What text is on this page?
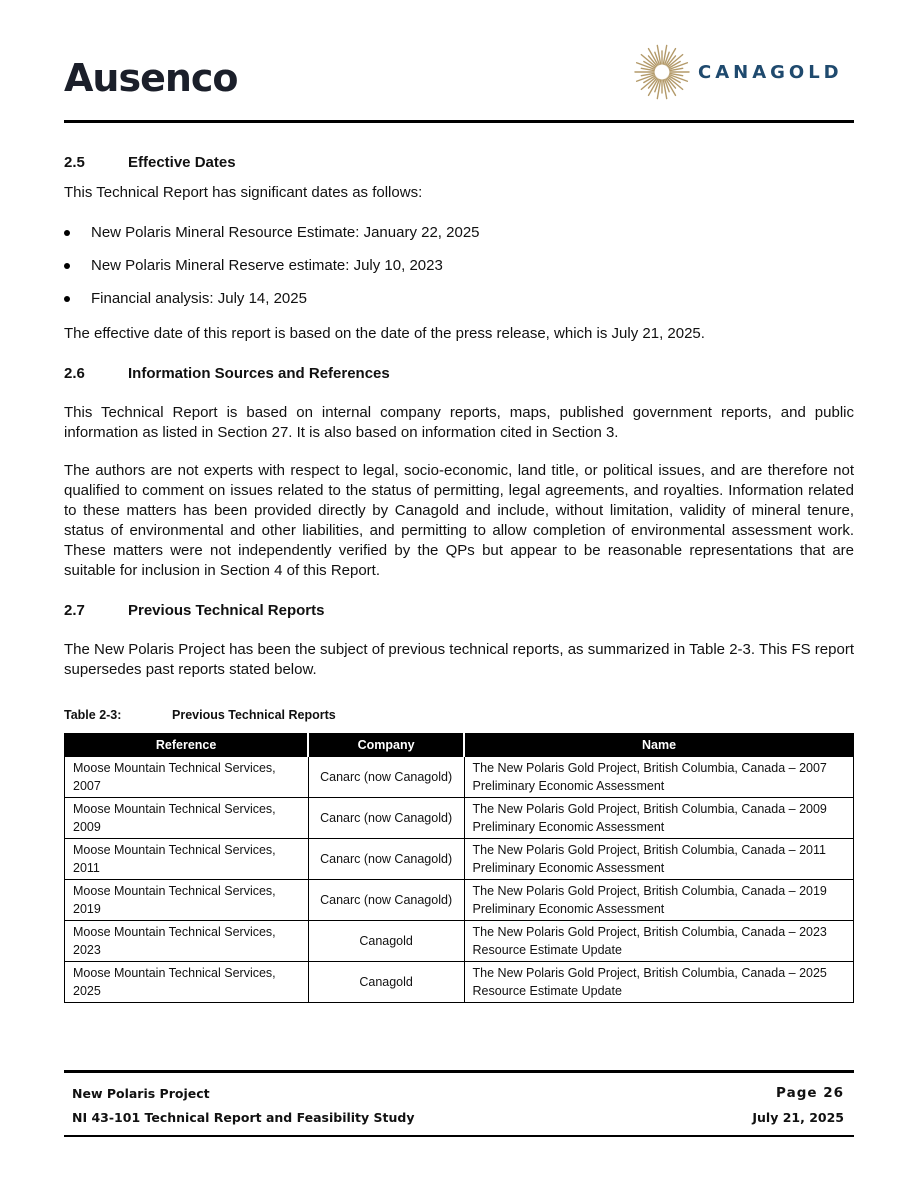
Ausenco	CANAGOLD
2.5	Effective Dates

This Technical Report has significant dates as follows:

New Polaris Mineral Resource Estimate: January 22, 2025
New Polaris Mineral Reserve estimate: July 10, 2023
Financial analysis: July 14, 2025

The effective date of this report is based on the date of the press release, which is July 21, 2025.

2.6	Information Sources and References

This Technical Report is based on internal company reports, maps, published government reports, and public information as listed in Section 27. It is also based on information cited in Section 3.

The authors are not experts with respect to legal, socio-economic, land title, or political issues, and are therefore not qualified to comment on issues related to the status of permitting, legal agreements, and royalties. Information related to these matters has been provided directly by Canagold and include, without limitation, validity of mineral tenure, status of environmental and other liabilities, and permitting to allow completion of environmental assessment work. These matters were not independently verified by the QPs but appear to be reasonable representations that are suitable for inclusion in Section 4 of this Report.

2.7	Previous Technical Reports

The New Polaris Project has been the subject of previous technical reports, as summarized in Table 2-3. This FS report supersedes past reports stated below.

Table 2-3:	Previous Technical Reports
Reference	Company	Name
Moose Mountain Technical Services, 2007	Canarc (now Canagold)	The New Polaris Gold Project, British Columbia, Canada – 2007 Preliminary Economic Assessment
Moose Mountain Technical Services, 2009	Canarc (now Canagold)	The New Polaris Gold Project, British Columbia, Canada – 2009 Preliminary Economic Assessment
Moose Mountain Technical Services, 2011	Canarc (now Canagold)	The New Polaris Gold Project, British Columbia, Canada – 2011 Preliminary Economic Assessment
Moose Mountain Technical Services, 2019	Canarc (now Canagold)	The New Polaris Gold Project, British Columbia, Canada – 2019 Preliminary Economic Assessment
Moose Mountain Technical Services, 2023	Canagold	The New Polaris Gold Project, British Columbia, Canada – 2023 Resource Estimate Update
Moose Mountain Technical Services, 2025	Canagold	The New Polaris Gold Project, British Columbia, Canada – 2025 Resource Estimate Update
New Polaris Project
NI 43-101 Technical Report and Feasibility Study
Page 26
July 21, 2025
